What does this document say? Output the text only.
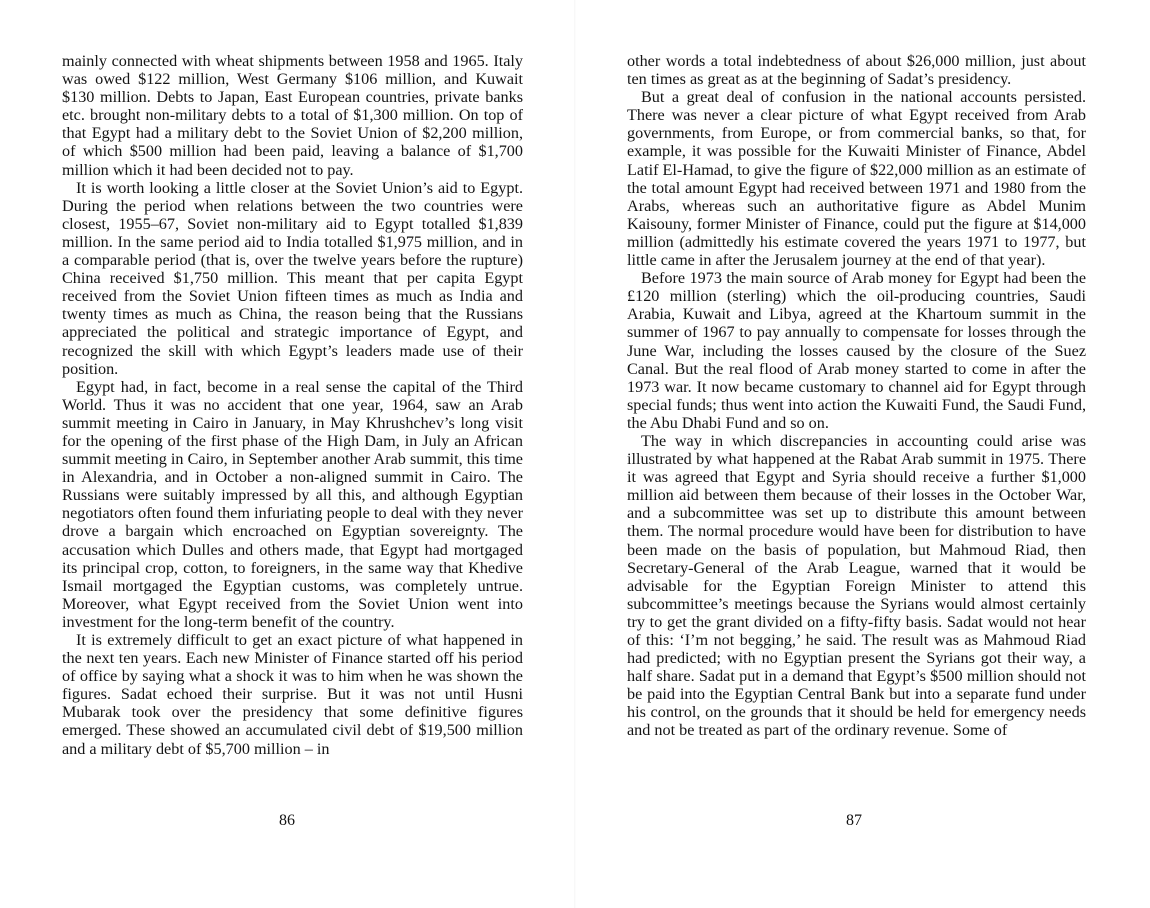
mainly connected with wheat shipments between 1958 and 1965. Italy was owed $122 million, West Germany $106 million, and Kuwait $130 million. Debts to Japan, East European countries, private banks etc. brought non-military debts to a total of $1,300 million. On top of that Egypt had a military debt to the Soviet Union of $2,200 million, of which $500 million had been paid, leaving a balance of $1,700 million which it had been decided not to pay.

It is worth looking a little closer at the Soviet Union’s aid to Egypt. During the period when relations between the two countries were closest, 1955–67, Soviet non-military aid to Egypt totalled $1,839 million. In the same period aid to India totalled $1,975 million, and in a comparable period (that is, over the twelve years before the rupture) China received $1,750 million. This meant that per capita Egypt received from the Soviet Union fifteen times as much as India and twenty times as much as China, the reason being that the Russians appreciated the political and strategic importance of Egypt, and recognized the skill with which Egypt’s leaders made use of their position.

Egypt had, in fact, become in a real sense the capital of the Third World. Thus it was no accident that one year, 1964, saw an Arab summit meeting in Cairo in January, in May Khrushchev’s long visit for the opening of the first phase of the High Dam, in July an African summit meeting in Cairo, in September another Arab summit, this time in Alexandria, and in October a non-aligned summit in Cairo. The Russians were suitably impressed by all this, and although Egyptian negotiators often found them infuriating people to deal with they never drove a bargain which encroached on Egyptian sovereignty. The accusation which Dulles and others made, that Egypt had mortgaged its principal crop, cotton, to foreigners, in the same way that Khedive Ismail mortgaged the Egyptian customs, was completely untrue. Moreover, what Egypt received from the Soviet Union went into investment for the long-term benefit of the country.

It is extremely difficult to get an exact picture of what happened in the next ten years. Each new Minister of Finance started off his period of office by saying what a shock it was to him when he was shown the figures. Sadat echoed their surprise. But it was not until Husni Mubarak took over the presidency that some definitive figures emerged. These showed an accumulated civil debt of $19,500 million and a military debt of $5,700 million – in

86

other words a total indebtedness of about $26,000 million, just about ten times as great as at the beginning of Sadat’s presidency.

But a great deal of confusion in the national accounts persisted. There was never a clear picture of what Egypt received from Arab governments, from Europe, or from commercial banks, so that, for example, it was possible for the Kuwaiti Minister of Finance, Abdel Latif El-Hamad, to give the figure of $22,000 million as an estimate of the total amount Egypt had received between 1971 and 1980 from the Arabs, whereas such an authoritative figure as Abdel Munim Kaisouny, former Minister of Finance, could put the figure at $14,000 million (admittedly his estimate covered the years 1971 to 1977, but little came in after the Jerusalem journey at the end of that year).

Before 1973 the main source of Arab money for Egypt had been the £120 million (sterling) which the oil-producing countries, Saudi Arabia, Kuwait and Libya, agreed at the Khartoum summit in the summer of 1967 to pay annually to compensate for losses through the June War, including the losses caused by the closure of the Suez Canal. But the real flood of Arab money started to come in after the 1973 war. It now became customary to channel aid for Egypt through special funds; thus went into action the Kuwaiti Fund, the Saudi Fund, the Abu Dhabi Fund and so on.

The way in which discrepancies in accounting could arise was illustrated by what happened at the Rabat Arab summit in 1975. There it was agreed that Egypt and Syria should receive a further $1,000 million aid between them because of their losses in the October War, and a subcommittee was set up to distribute this amount between them. The normal procedure would have been for distribution to have been made on the basis of population, but Mahmoud Riad, then Secretary-General of the Arab League, warned that it would be advisable for the Egyptian Foreign Minister to attend this subcommittee’s meetings because the Syrians would almost certainly try to get the grant divided on a fifty-fifty basis. Sadat would not hear of this: ‘I’m not begging,’ he said. The result was as Mahmoud Riad had predicted; with no Egyptian present the Syrians got their way, a half share. Sadat put in a demand that Egypt’s $500 million should not be paid into the Egyptian Central Bank but into a separate fund under his control, on the grounds that it should be held for emergency needs and not be treated as part of the ordinary revenue. Some of

87
